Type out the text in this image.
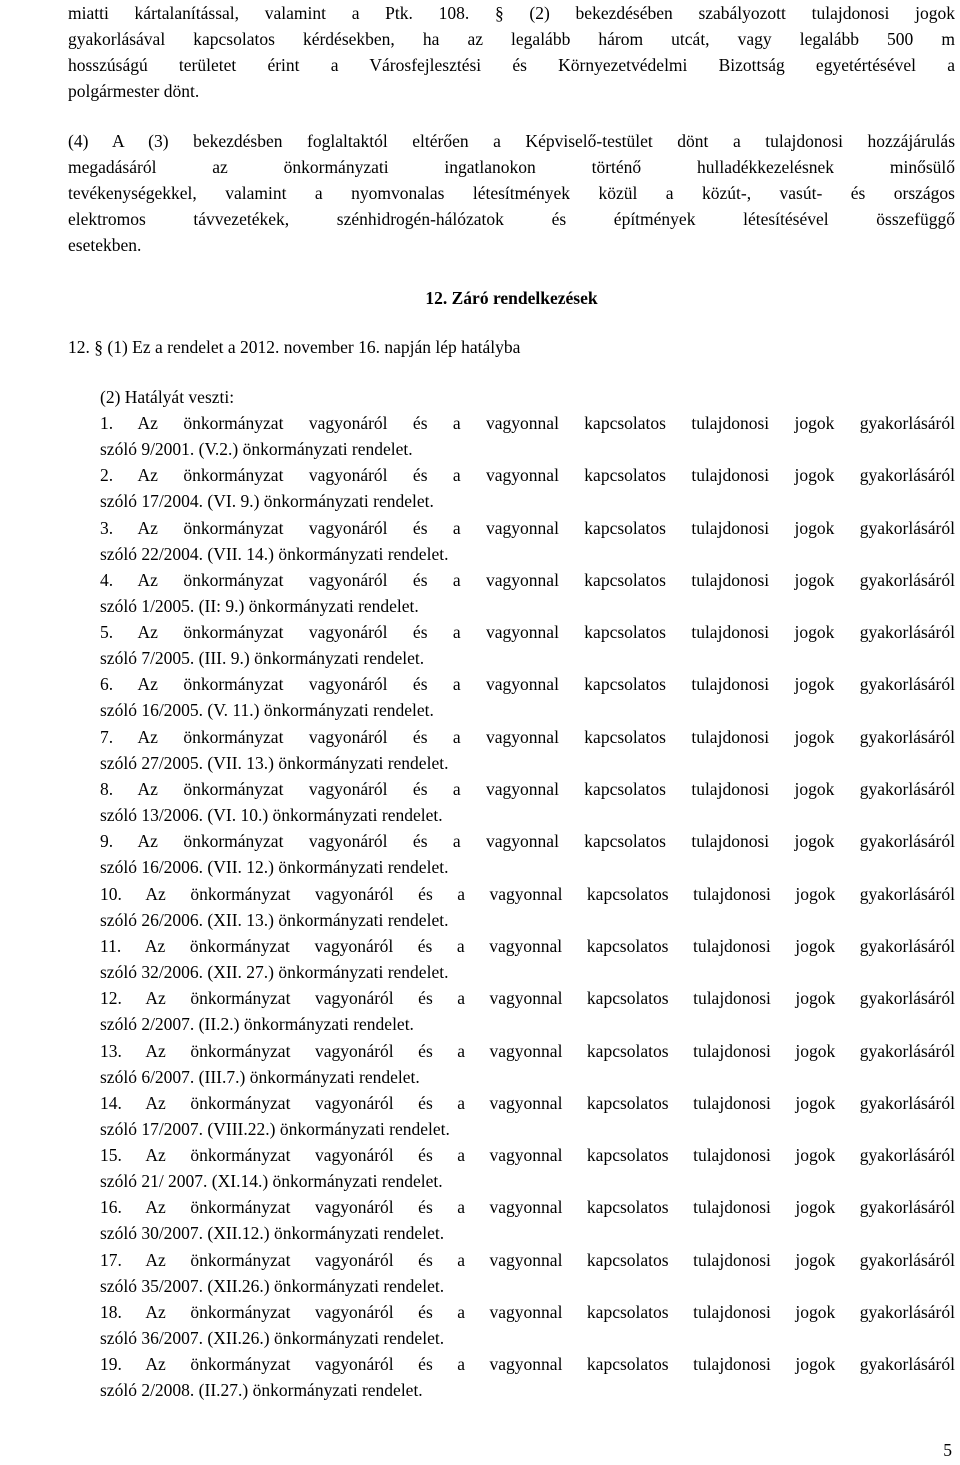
miatti kártalanítással, valamint a Ptk. 108. § (2) bekezdésében szabályozott tulajdonosi jogok

gyakorlásával kapcsolatos kérdésekben, ha az legalább három utcát, vagy legalább 500 m

hosszúságú területet érint a Városfejlesztési és Környezetvédelmi Bizottság egyetértésével a

polgármester dönt.

(4) A (3) bekezdésben foglaltaktól eltérően a Képviselő-testület dönt a tulajdonosi hozzájárulás

megadásáról az önkormányzati ingatlanokon történő hulladékkezelésnek minősülő

tevékenységekkel, valamint a nyomvonalas létesítmények közül a közút-, vasút- és országos

elektromos távvezetékek, szénhidrogén-hálózatok és építmények létesítésével összefüggő

esetekben.

12. Záró rendelkezések

12. § (1) Ez a rendelet a 2012. november 16. napján lép hatályba

(2) Hatályát veszti:

1. Az önkormányzat vagyonáról és a vagyonnal kapcsolatos tulajdonosi jogok gyakorlásáról

szóló 9/2001. (V.2.) önkormányzati rendelet.

2. Az önkormányzat vagyonáról és a vagyonnal kapcsolatos tulajdonosi jogok gyakorlásáról

szóló 17/2004. (VI. 9.) önkormányzati rendelet.

3. Az önkormányzat vagyonáról és a vagyonnal kapcsolatos tulajdonosi jogok gyakorlásáról

szóló 22/2004. (VII. 14.) önkormányzati rendelet.

4. Az önkormányzat vagyonáról és a vagyonnal kapcsolatos tulajdonosi jogok gyakorlásáról

szóló 1/2005. (II: 9.) önkormányzati rendelet.

5. Az önkormányzat vagyonáról és a vagyonnal kapcsolatos tulajdonosi jogok gyakorlásáról

szóló 7/2005. (III. 9.) önkormányzati rendelet.

6. Az önkormányzat vagyonáról és a vagyonnal kapcsolatos tulajdonosi jogok gyakorlásáról

szóló 16/2005. (V. 11.) önkormányzati rendelet.

7. Az önkormányzat vagyonáról és a vagyonnal kapcsolatos tulajdonosi jogok gyakorlásáról

szóló 27/2005. (VII. 13.) önkormányzati rendelet.

8. Az önkormányzat vagyonáról és a vagyonnal kapcsolatos tulajdonosi jogok gyakorlásáról

szóló 13/2006. (VI. 10.) önkormányzati rendelet.

9. Az önkormányzat vagyonáról és a vagyonnal kapcsolatos tulajdonosi jogok gyakorlásáról

szóló 16/2006. (VII. 12.) önkormányzati rendelet.

10. Az önkormányzat vagyonáról és a vagyonnal kapcsolatos tulajdonosi jogok gyakorlásáról

szóló 26/2006. (XII. 13.) önkormányzati rendelet.

11. Az önkormányzat vagyonáról és a vagyonnal kapcsolatos tulajdonosi jogok gyakorlásáról

szóló 32/2006. (XII. 27.) önkormányzati rendelet.

12. Az önkormányzat vagyonáról és a vagyonnal kapcsolatos tulajdonosi jogok gyakorlásáról

szóló 2/2007. (II.2.) önkormányzati rendelet.

13. Az önkormányzat vagyonáról és a vagyonnal kapcsolatos tulajdonosi jogok gyakorlásáról

szóló 6/2007. (III.7.) önkormányzati rendelet.

14. Az önkormányzat vagyonáról és a vagyonnal kapcsolatos tulajdonosi jogok gyakorlásáról

szóló 17/2007. (VIII.22.) önkormányzati rendelet.

15. Az önkormányzat vagyonáról és a vagyonnal kapcsolatos tulajdonosi jogok gyakorlásáról

szóló 21/ 2007. (XI.14.) önkormányzati rendelet.

16. Az önkormányzat vagyonáról és a vagyonnal kapcsolatos tulajdonosi jogok gyakorlásáról

szóló 30/2007. (XII.12.) önkormányzati rendelet.

17. Az önkormányzat vagyonáról és a vagyonnal kapcsolatos tulajdonosi jogok gyakorlásáról

szóló 35/2007. (XII.26.) önkormányzati rendelet.

18. Az önkormányzat vagyonáról és a vagyonnal kapcsolatos tulajdonosi jogok gyakorlásáról

szóló 36/2007. (XII.26.) önkormányzati rendelet.

19. Az önkormányzat vagyonáról és a vagyonnal kapcsolatos tulajdonosi jogok gyakorlásáról

szóló 2/2008. (II.27.) önkormányzati rendelet.

5
